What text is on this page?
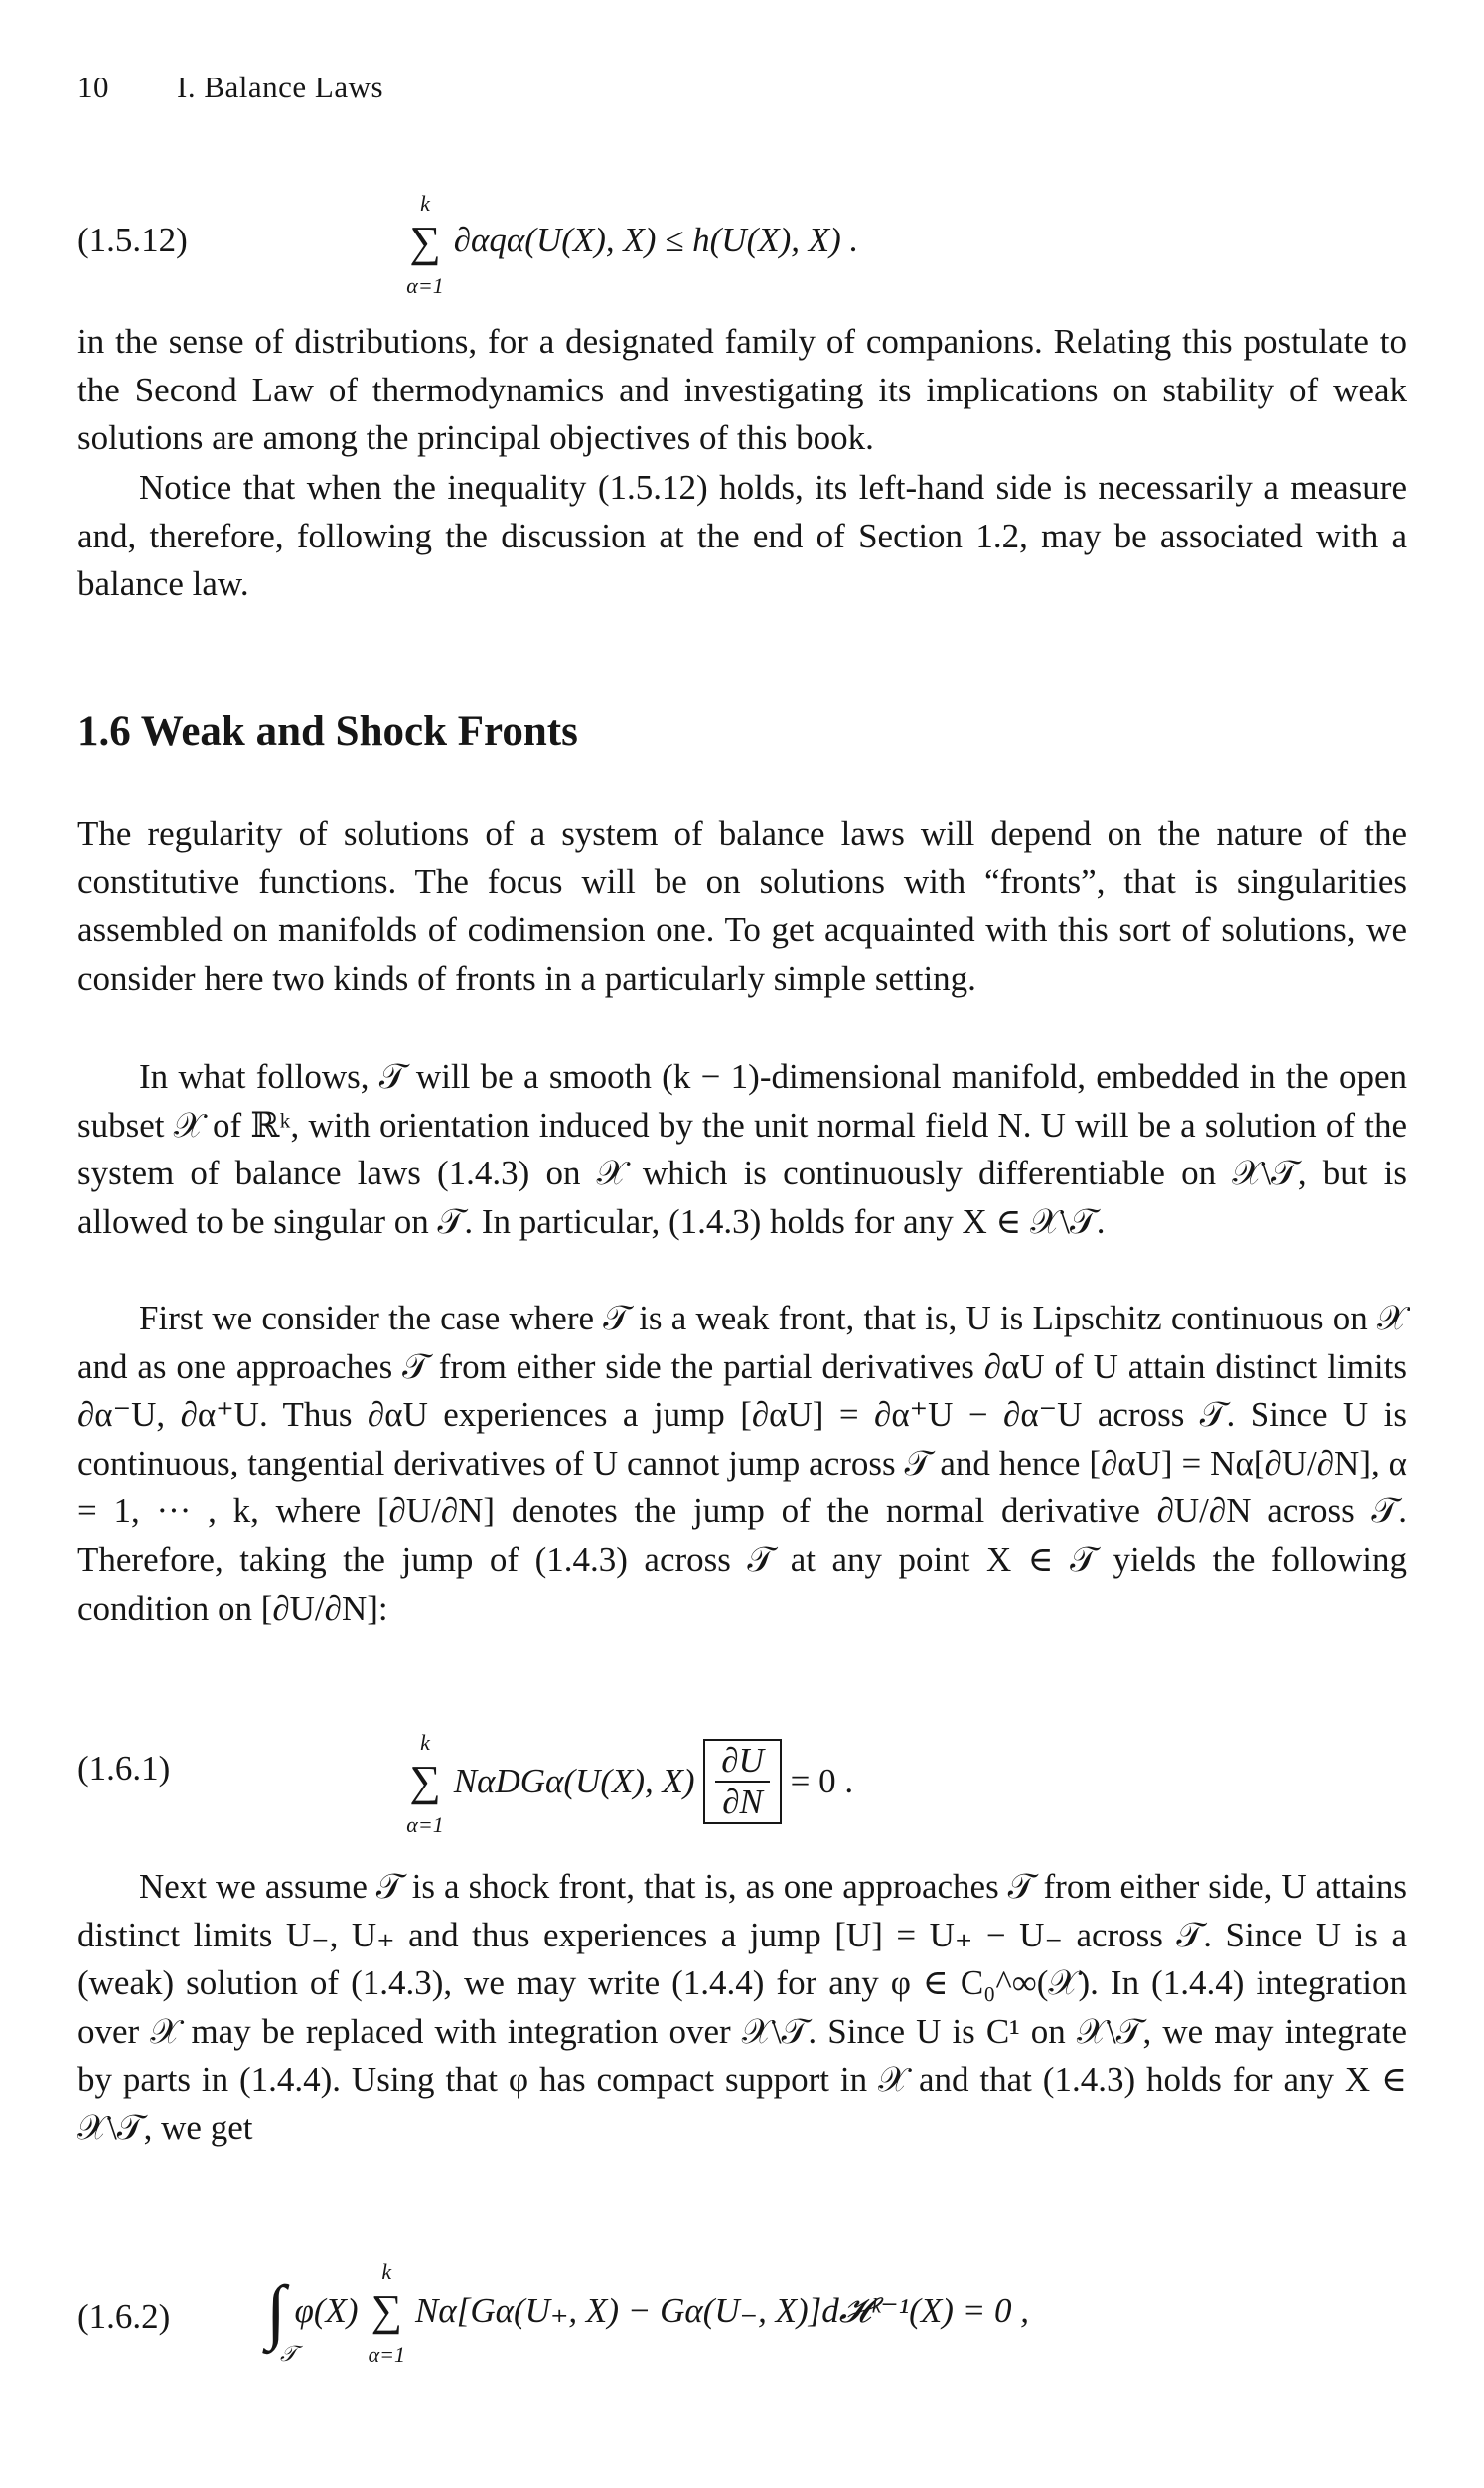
10 I. Balance Laws
(1.5.12)
k
∑
α=1
∂αqα(U(X), X) ≤ h(U(X), X) .
in the sense of distributions, for a designated family of companions. Relating this postulate to the Second Law of thermodynamics and investigating its implications on stability of weak solutions are among the principal objectives of this book.
Notice that when the inequality (1.5.12) holds, its left-hand side is necessarily a measure and, therefore, following the discussion at the end of Section 1.2, may be associated with a balance law.
1.6 Weak and Shock Fronts
The regularity of solutions of a system of balance laws will depend on the nature of the constitutive functions. The focus will be on solutions with “fronts”, that is singularities assembled on manifolds of codimension one. To get acquainted with this sort of solutions, we consider here two kinds of fronts in a particularly simple setting.
In what follows, 𝒯 will be a smooth (k − 1)-dimensional manifold, embedded in the open subset 𝒳 of ℝᵏ, with orientation induced by the unit normal field N. U will be a solution of the system of balance laws (1.4.3) on 𝒳 which is continuously differentiable on 𝒳\𝒯, but is allowed to be singular on 𝒯. In particular, (1.4.3) holds for any X ∈ 𝒳\𝒯.
First we consider the case where 𝒯 is a weak front, that is, U is Lipschitz continuous on 𝒳 and as one approaches 𝒯 from either side the partial derivatives ∂αU of U attain distinct limits ∂α⁻U, ∂α⁺U. Thus ∂αU experiences a jump [∂αU] = ∂α⁺U − ∂α⁻U across 𝒯. Since U is continuous, tangential derivatives of U cannot jump across 𝒯 and hence [∂αU] = Nα[∂U/∂N], α = 1, ··· , k, where [∂U/∂N] denotes the jump of the normal derivative ∂U/∂N across 𝒯. Therefore, taking the jump of (1.4.3) across 𝒯 at any point X ∈ 𝒯 yields the following condition on [∂U/∂N]:
(1.6.1)
k
∑
α=1
NαDGα(U(X), $X) \frac{\partial U}{\partial N} = 0$ .
Next we assume 𝒯 is a shock front, that is, as one approaches 𝒯 from either side, U attains distinct limits U₋, U₊ and thus experiences a jump [U] = U₊ − U₋ across 𝒯. Since U is a (weak) solution of (1.4.3), we may write (1.4.4) for any φ ∈ C₀^∞(𝒳). In (1.4.4) integration over 𝒳 may be replaced with integration over 𝒳\𝒯. Since U is C¹ on 𝒳\𝒯, we may integrate by parts in (1.4.4). Using that φ has compact support in 𝒳 and that (1.4.3) holds for any X ∈ 𝒳\𝒯, we get
(1.6.2) ∫
𝒯
φ(X)
k
∑
α=1
Nα[Gα(U₊, X) − Gα(U₋, X)]d𝓗ᵏ⁻¹(X) = 0 ,
